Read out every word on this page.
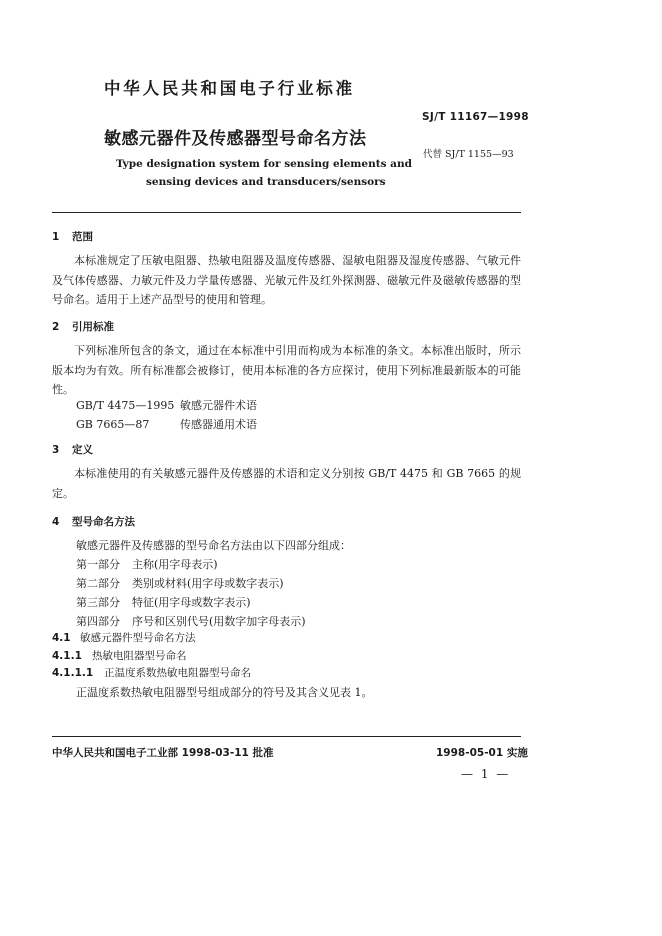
中华人民共和国电子行业标准
SJ/T 11167—1998
敏感元器件及传感器型号命名方法
代替 SJ/T 1155—93
Type designation system for sensing elements and
sensing devices and transducers/sensors
1 范围

本标准规定了压敏电阻器、热敏电阻器及温度传感器、湿敏电阻器及湿度传感器、气敏元件及气体传感器、力敏元件及力学量传感器、光敏元件及红外探测器、磁敏元件及磁敏传感器的型号命名。适用于上述产品型号的使用和管理。

2 引用标准

下列标准所包含的条文，通过在本标准中引用而构成为本标准的条文。本标准出版时，所示版本均为有效。所有标准都会被修订，使用本标准的各方应探讨，使用下列标准最新版本的可能性。

GB/T 4475—1995 敏感元器件术语
GB 7665—87	传感器通用术语
3 定义

本标准使用的有关敏感元器件及传感器的术语和定义分别按 GB/T 4475 和 GB 7665 的规定。

4 型号命名方法
敏感元器件及传感器的型号命名方法由以下四部分组成：
第一部分 主称(用字母表示)
第二部分 类别或材料(用字母或数字表示)
第三部分 特征(用字母或数字表示)
第四部分 序号和区别代号(用数字加字母表示)
4.1 敏感元器件型号命名方法
4.1.1 热敏电阻器型号命名
4.1.1.1 正温度系数热敏电阻器型号命名
正温度系数热敏电阻器型号组成部分的符号及其含义见表 1。
中华人民共和国电子工业部 1998-03-11 批准	1998-05-01 实施
— 1 —
